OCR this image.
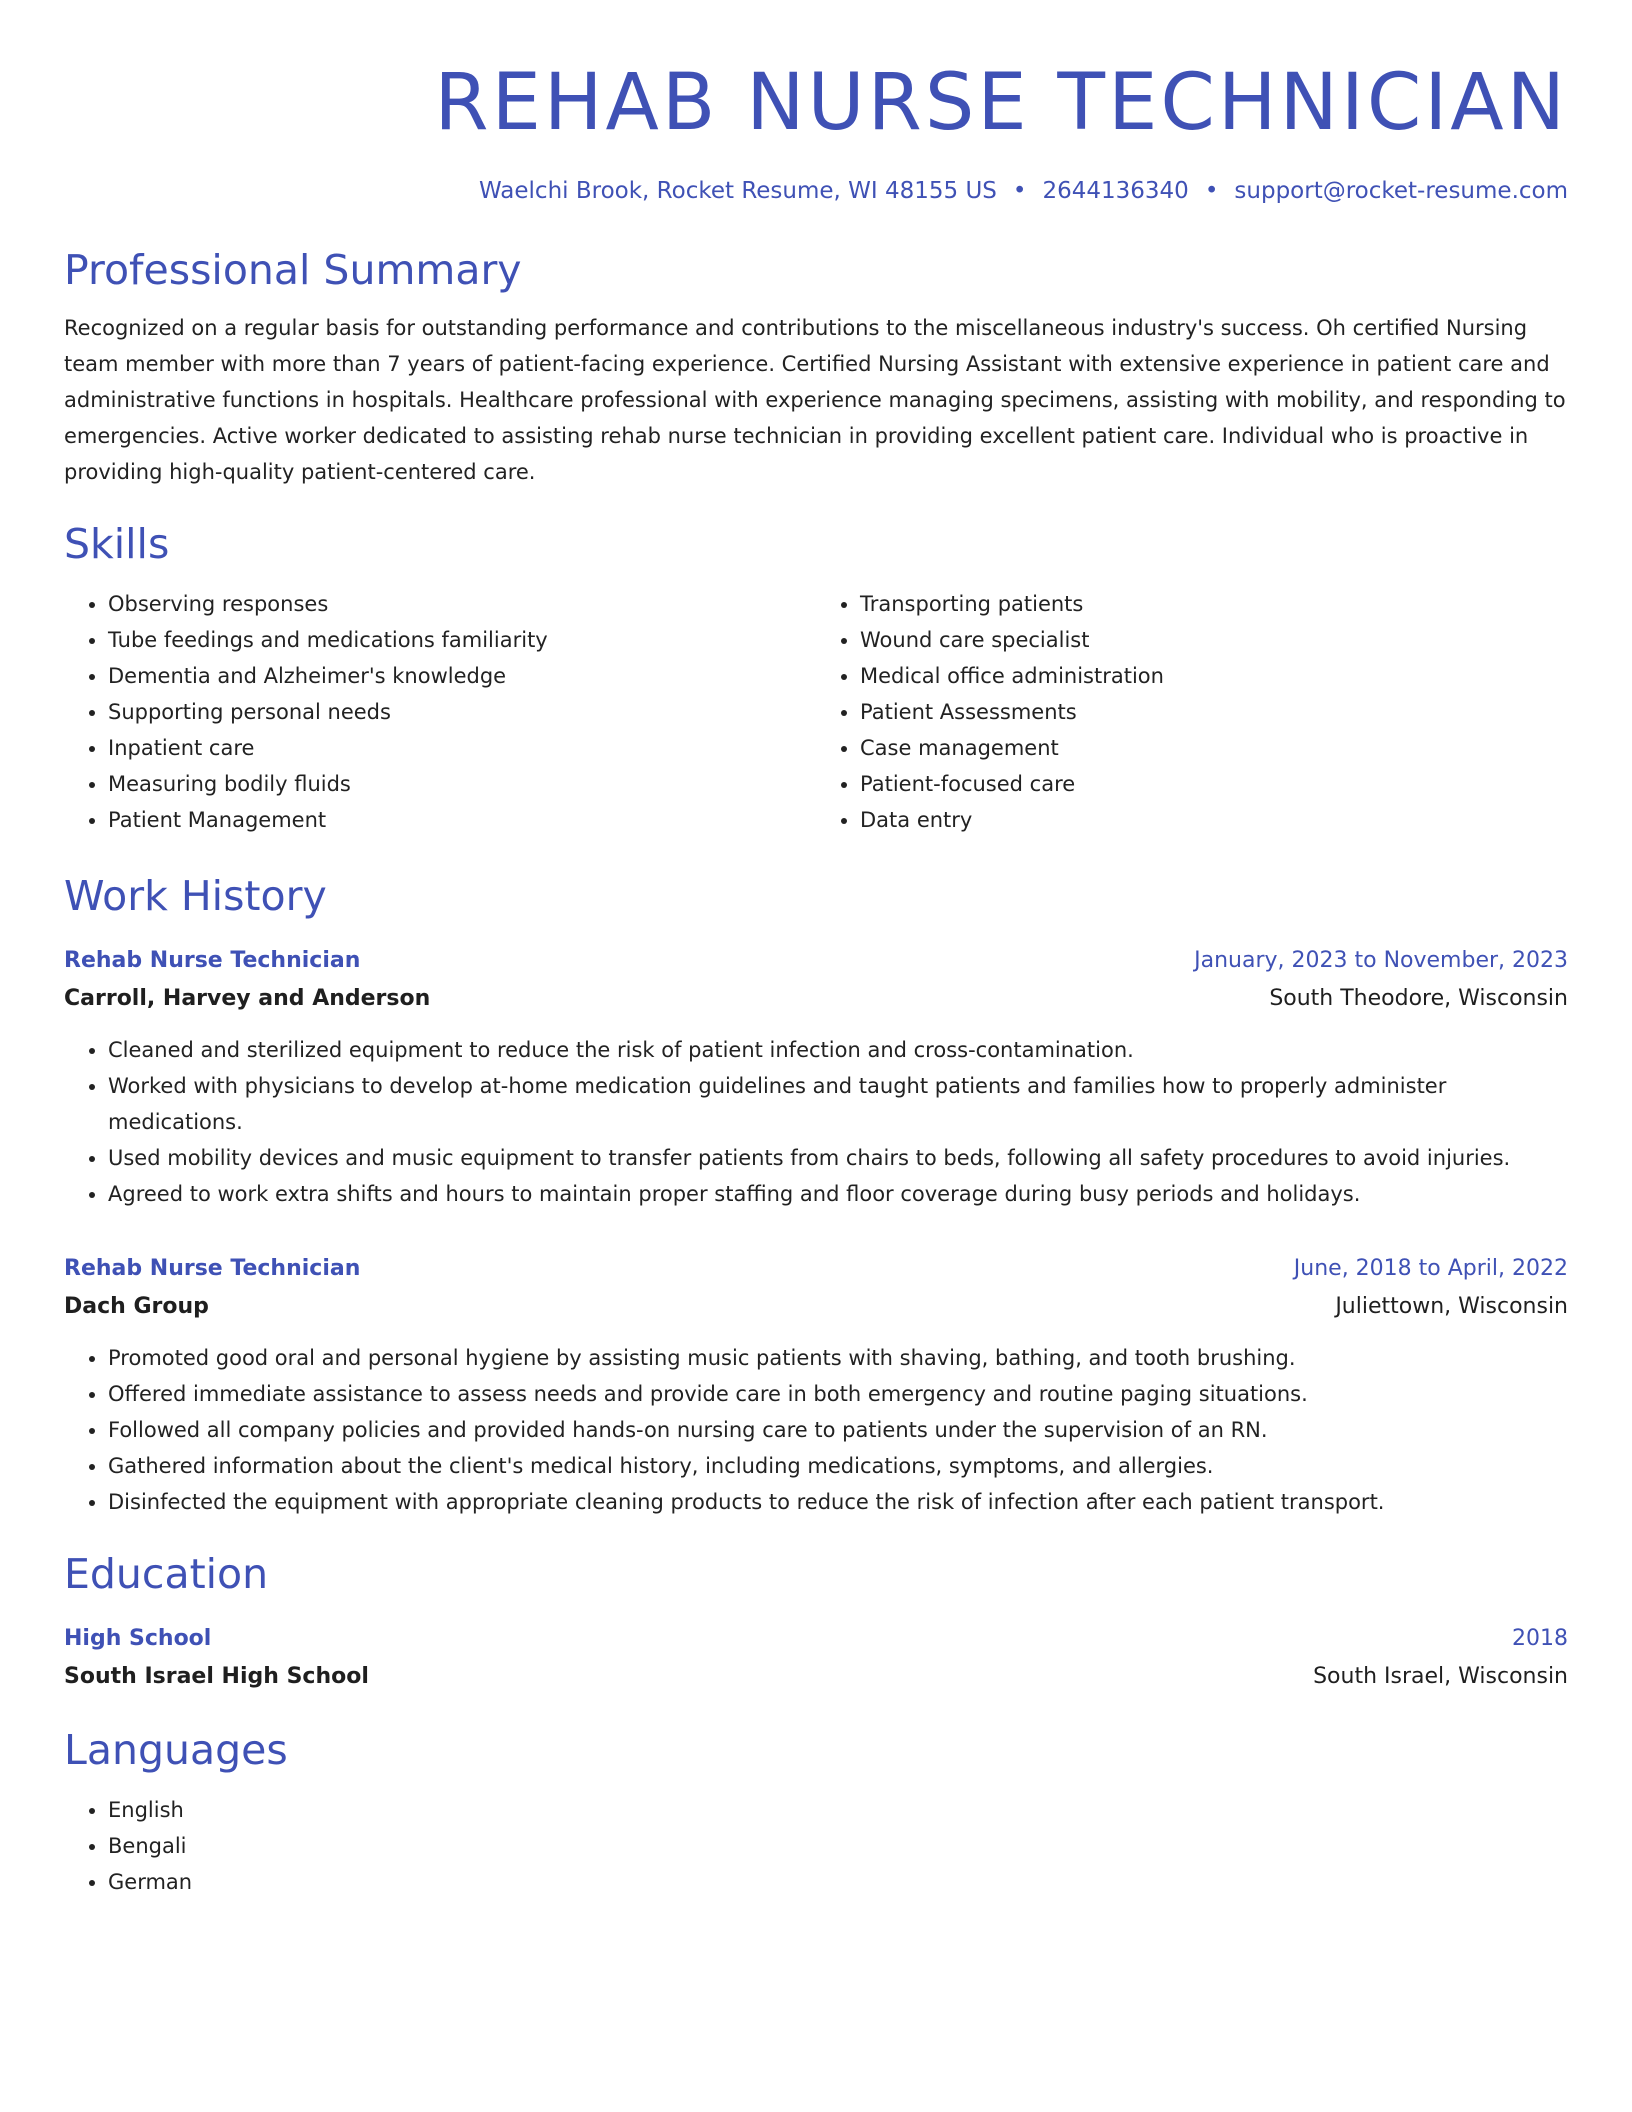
REHAB NURSE TECHNICIAN
Waelchi Brook, Rocket Resume, WI 48155 US • 2644136340 • support@rocket-resume.com
Professional Summary
Recognized on a regular basis for outstanding performance and contributions to the miscellaneous industry's success. Oh certified Nursing team member with more than 7 years of patient-facing experience. Certified Nursing Assistant with extensive experience in patient care and administrative functions in hospitals. Healthcare professional with experience managing specimens, assisting with mobility, and responding to emergencies. Active worker dedicated to assisting rehab nurse technician in providing excellent patient care. Individual who is proactive in providing high-quality patient-centered care.
Skills
• Observing responses
• Tube feedings and medications familiarity
• Dementia and Alzheimer's knowledge
• Supporting personal needs
• Inpatient care
• Measuring bodily fluids
• Patient Management
• Transporting patients
• Wound care specialist
• Medical office administration
• Patient Assessments
• Case management
• Patient-focused care
• Data entry
Work History
Rehab Nurse Technician	January, 2023 to November, 2023
Carroll, Harvey and Anderson	South Theodore, Wisconsin
• Cleaned and sterilized equipment to reduce the risk of patient infection and cross-contamination.
• Worked with physicians to develop at-home medication guidelines and taught patients and families how to properly administer medications.
• Used mobility devices and music equipment to transfer patients from chairs to beds, following all safety procedures to avoid injuries.
• Agreed to work extra shifts and hours to maintain proper staffing and floor coverage during busy periods and holidays.
Rehab Nurse Technician	June, 2018 to April, 2022
Dach Group	Juliettown, Wisconsin
• Promoted good oral and personal hygiene by assisting music patients with shaving, bathing, and tooth brushing.
• Offered immediate assistance to assess needs and provide care in both emergency and routine paging situations.
• Followed all company policies and provided hands-on nursing care to patients under the supervision of an RN.
• Gathered information about the client's medical history, including medications, symptoms, and allergies.
• Disinfected the equipment with appropriate cleaning products to reduce the risk of infection after each patient transport.
Education
High School	2018
South Israel High School	South Israel, Wisconsin
Languages
• English
• Bengali
• German
